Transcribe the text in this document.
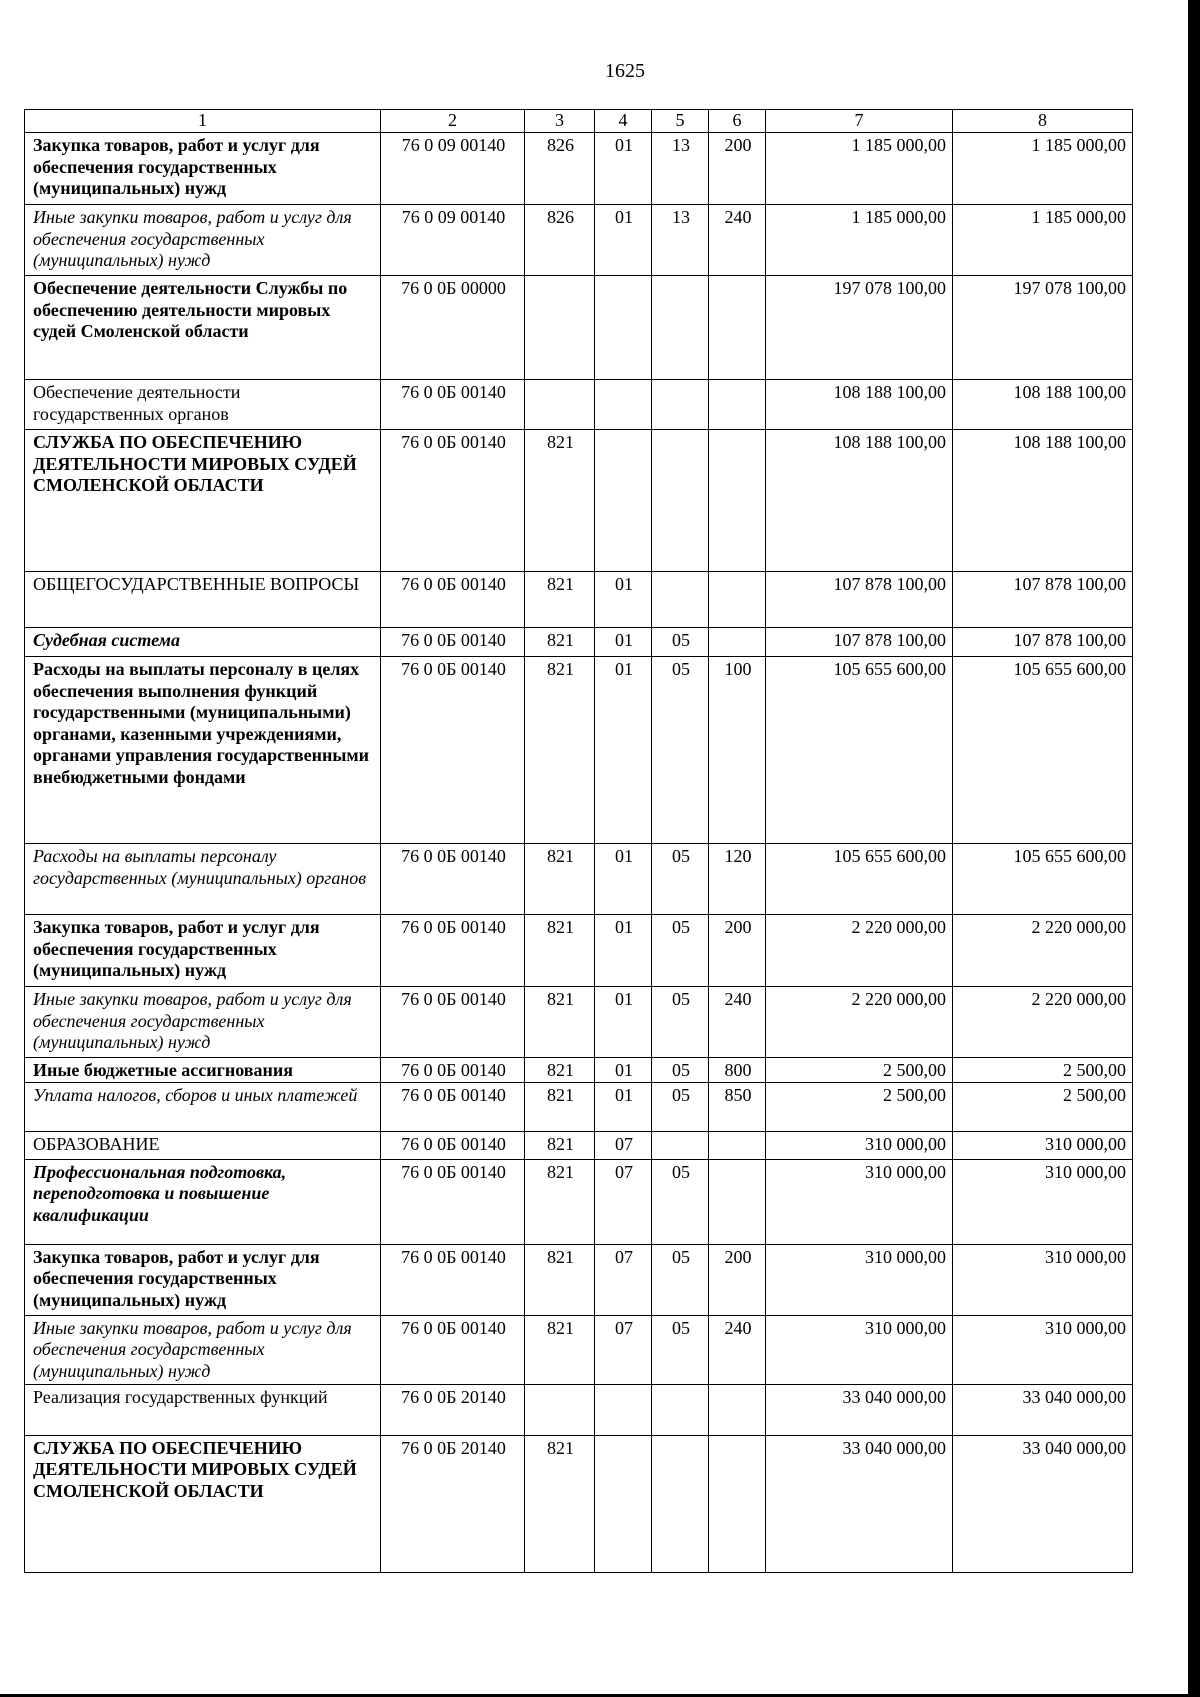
1625
1	2	3	4	5	6	7	8
Закупка товаров, работ и услуг для обеспечения государственных (муниципальных) нужд	76 0 09 00140	826	01	13	200	1 185 000,00	1 185 000,00
Иные закупки товаров, работ и услуг для обеспечения государственных (муниципальных) нужд	76 0 09 00140	826	01	13	240	1 185 000,00	1 185 000,00
Обеспечение деятельности Службы по обеспечению деятельности мировых судей Смоленской области	76 0 0Б 00000					197 078 100,00	197 078 100,00
Обеспечение деятельности государственных органов	76 0 0Б 00140					108 188 100,00	108 188 100,00
СЛУЖБА ПО ОБЕСПЕЧЕНИЮ ДЕЯТЕЛЬНОСТИ МИРОВЫХ СУДЕЙ СМОЛЕНСКОЙ ОБЛАСТИ	76 0 0Б 00140	821				108 188 100,00	108 188 100,00
ОБЩЕГОСУДАРСТВЕННЫЕ ВОПРОСЫ	76 0 0Б 00140	821	01			107 878 100,00	107 878 100,00
Судебная система	76 0 0Б 00140	821	01	05		107 878 100,00	107 878 100,00
Расходы на выплаты персоналу в целях обеспечения выполнения функций государственными (муниципальными) органами, казенными учреждениями, органами управления государственными внебюджетными фондами	76 0 0Б 00140	821	01	05	100	105 655 600,00	105 655 600,00
Расходы на выплаты персоналу государственных (муниципальных) органов	76 0 0Б 00140	821	01	05	120	105 655 600,00	105 655 600,00
Закупка товаров, работ и услуг для обеспечения государственных (муниципальных) нужд	76 0 0Б 00140	821	01	05	200	2 220 000,00	2 220 000,00
Иные закупки товаров, работ и услуг для обеспечения государственных (муниципальных) нужд	76 0 0Б 00140	821	01	05	240	2 220 000,00	2 220 000,00
Иные бюджетные ассигнования	76 0 0Б 00140	821	01	05	800	2 500,00	2 500,00
Уплата налогов, сборов и иных платежей	76 0 0Б 00140	821	01	05	850	2 500,00	2 500,00
ОБРАЗОВАНИЕ	76 0 0Б 00140	821	07			310 000,00	310 000,00
Профессиональная подготовка, переподготовка и повышение квалификации	76 0 0Б 00140	821	07	05		310 000,00	310 000,00
Закупка товаров, работ и услуг для обеспечения государственных (муниципальных) нужд	76 0 0Б 00140	821	07	05	200	310 000,00	310 000,00
Иные закупки товаров, работ и услуг для обеспечения государственных (муниципальных) нужд	76 0 0Б 00140	821	07	05	240	310 000,00	310 000,00
Реализация государственных функций	76 0 0Б 20140					33 040 000,00	33 040 000,00
СЛУЖБА ПО ОБЕСПЕЧЕНИЮ ДЕЯТЕЛЬНОСТИ МИРОВЫХ СУДЕЙ СМОЛЕНСКОЙ ОБЛАСТИ	76 0 0Б 20140	821				33 040 000,00	33 040 000,00
